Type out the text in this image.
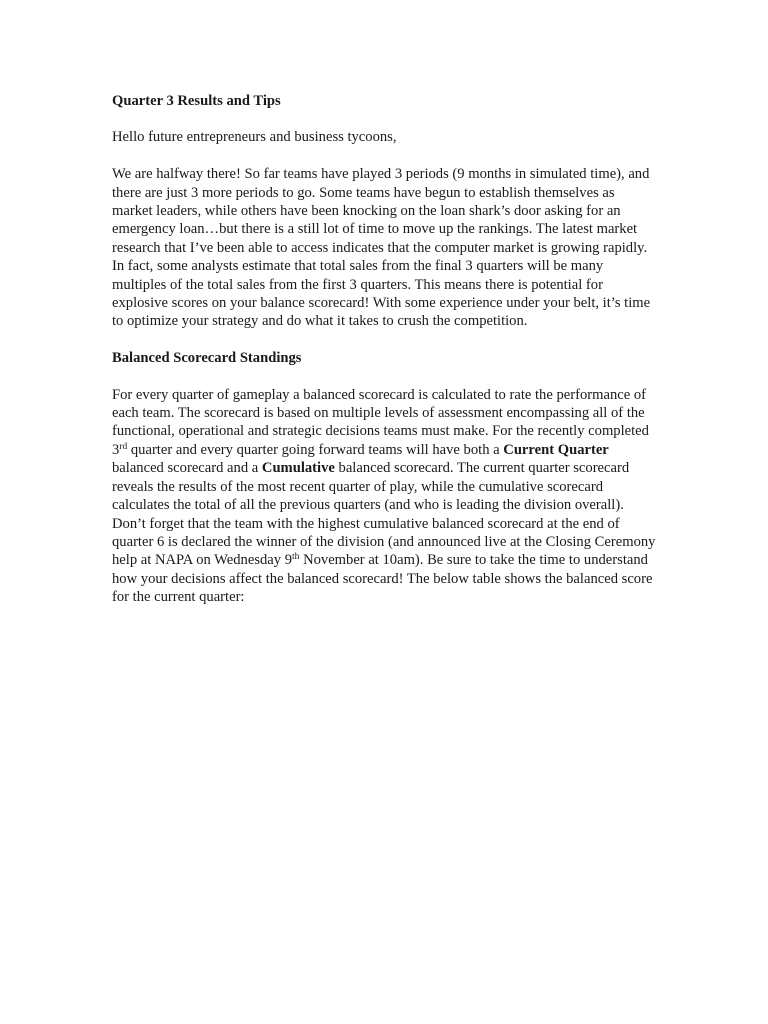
Quarter 3 Results and Tips

Hello future entrepreneurs and business tycoons,

We are halfway there! So far teams have played 3 periods (9 months in simulated time), and there are just 3 more periods to go. Some teams have begun to establish themselves as market leaders, while others have been knocking on the loan shark’s door asking for an emergency loan…but there is a still lot of time to move up the rankings. The latest market research that I’ve been able to access indicates that the computer market is growing rapidly. In fact, some analysts estimate that total sales from the final 3 quarters will be many multiples of the total sales from the first 3 quarters. This means there is potential for explosive scores on your balance scorecard! With some experience under your belt, it’s time to optimize your strategy and do what it takes to crush the competition.

Balanced Scorecard Standings

For every quarter of gameplay a balanced scorecard is calculated to rate the performance of each team. The scorecard is based on multiple levels of assessment encompassing all of the functional, operational and strategic decisions teams must make. For the recently completed 3rd quarter and every quarter going forward teams will have both a Current Quarter balanced scorecard and a Cumulative balanced scorecard. The current quarter scorecard reveals the results of the most recent quarter of play, while the cumulative scorecard calculates the total of all the previous quarters (and who is leading the division overall). Don’t forget that the team with the highest cumulative balanced scorecard at the end of quarter 6 is declared the winner of the division (and announced live at the Closing Ceremony help at NAPA on Wednesday 9th November at 10am). Be sure to take the time to understand how your decisions affect the balanced scorecard! The below table shows the balanced score for the current quarter:
